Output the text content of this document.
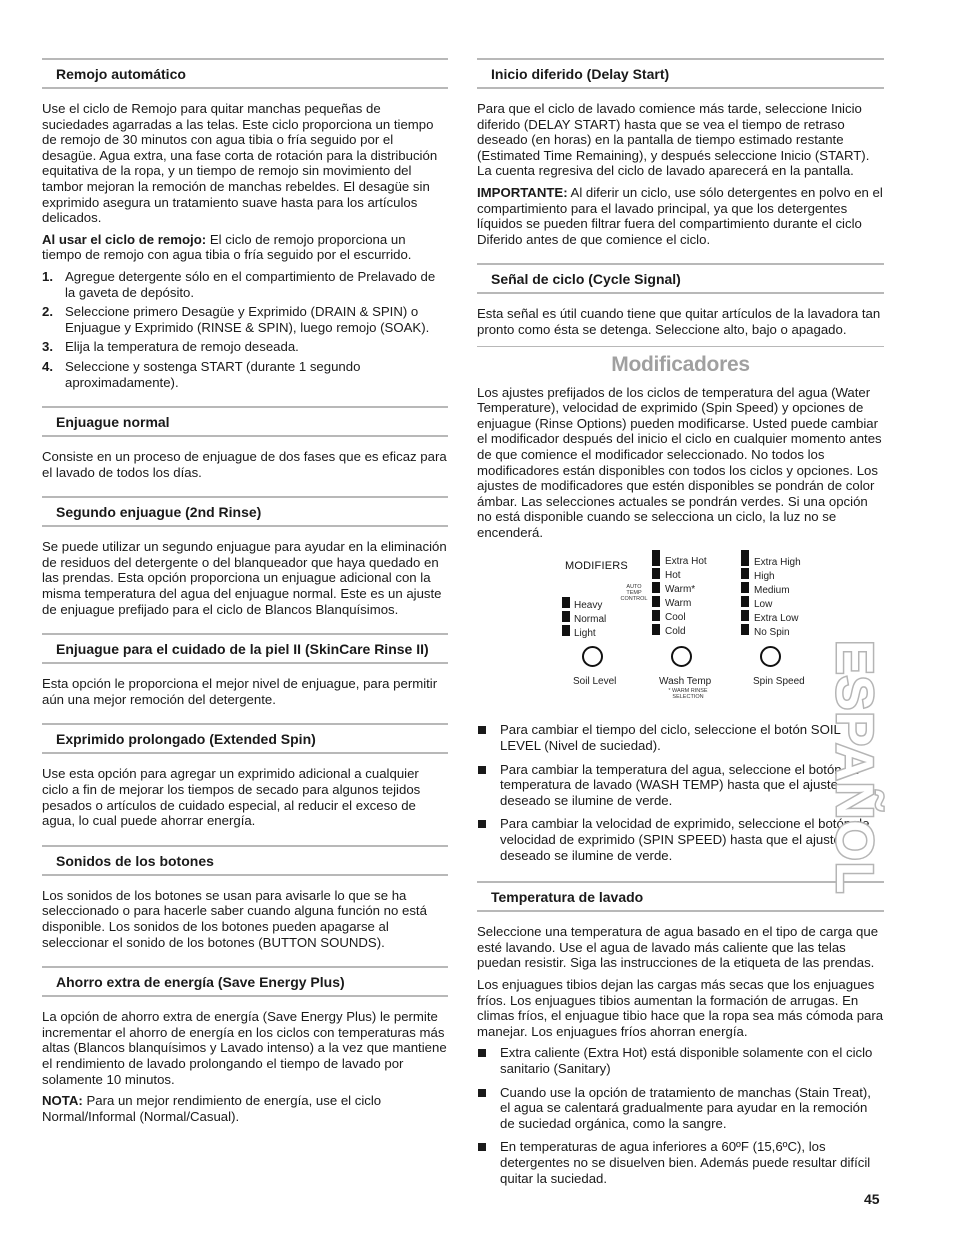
Remojo automático

Use el ciclo de Remojo para quitar manchas pequeñas de suciedades agarradas a las telas. Este ciclo proporciona un tiempo de remojo de 30 minutos con agua tibia o fría seguido por el desagüe. Agua extra, una fase corta de rotación para la distribución equitativa de la ropa, y un tiempo de remojo sin movimiento del tambor mejoran la remoción de manchas rebeldes. El desagüe sin exprimido asegura un tratamiento suave hasta para los artículos delicados.

Al usar el ciclo de remojo: El ciclo de remojo proporciona un tiempo de remojo con agua tibia o fría seguido por el escurrido.

1. Agregue detergente sólo en el compartimiento de Prelavado de la gaveta de depósito.
2. Seleccione primero Desagüe y Exprimido (DRAIN & SPIN) o Enjuague y Exprimido (RINSE & SPIN), luego remojo (SOAK).
3. Elija la temperatura de remojo deseada.
4. Seleccione y sostenga START (durante 1 segundo aproximadamente).
Enjuague normal

Consiste en un proceso de enjuague de dos fases que es eficaz para el lavado de todos los días.

Segundo enjuague (2nd Rinse)

Se puede utilizar un segundo enjuague para ayudar en la eliminación de residuos del detergente o del blanqueador que haya quedado en las prendas. Esta opción proporciona un enjuague adicional con la misma temperatura del agua del enjuague normal. Este es un ajuste de enjuague prefijado para el ciclo de Blancos Blanquísimos.

Enjuague para el cuidado de la piel II (SkinCare Rinse II)

Esta opción le proporciona el mejor nivel de enjuague, para permitir aún una mejor remoción del detergente.

Exprimido prolongado (Extended Spin)

Use esta opción para agregar un exprimido adicional a cualquier ciclo a fin de mejorar los tiempos de secado para algunos tejidos pesados o artículos de cuidado especial, al reducir el exceso de agua, lo cual puede ahorrar energía.

Sonidos de los botones

Los sonidos de los botones se usan para avisarle lo que se ha seleccionado o para hacerle saber cuando alguna función no está disponible. Los sonidos de los botones pueden apagarse al seleccionar el sonido de los botones (BUTTON SOUNDS).

Ahorro extra de energía (Save Energy Plus)

La opción de ahorro extra de energía (Save Energy Plus) le permite incrementar el ahorro de energía en los ciclos con temperaturas más altas (Blancos blanquísimos y Lavado intenso) a la vez que mantiene el rendimiento de lavado prolongando el tiempo de lavado por solamente 10 minutos.

NOTA: Para un mejor rendimiento de energía, use el ciclo Normal/Informal (Normal/Casual).

Inicio diferido (Delay Start)

Para que el ciclo de lavado comience más tarde, seleccione Inicio diferido (DELAY START) hasta que se vea el tiempo de retraso deseado (en horas) en la pantalla de tiempo estimado restante (Estimated Time Remaining), y después seleccione Inicio (START). La cuenta regresiva del ciclo de lavado aparecerá en la pantalla.

IMPORTANTE: Al diferir un ciclo, use sólo detergentes en polvo en el compartimiento para el lavado principal, ya que los detergentes líquidos se pueden filtrar fuera del compartimiento durante el ciclo Diferido antes de que comience el ciclo.

Señal de ciclo (Cycle Signal)

Esta señal es útil cuando tiene que quitar artículos de la lavadora tan pronto como ésta se detenga. Seleccione alto, bajo o apagado.

Modificadores

Los ajustes prefijados de los ciclos de temperatura del agua (Water Temperature), velocidad de exprimido (Spin Speed) y opciones de enjuague (Rinse Options) pueden modificarse. Usted puede cambiar el modificador después del inicio el ciclo en cualquier momento antes de que comience el modificador seleccionado. No todos los modificadores están disponibles con todos los ciclos y opciones. Los ajustes de modificadores que estén disponibles se pondrán de color ámbar. Las selecciones actuales se pondrán verdes. Si una opción no está disponible cuando se selecciona un ciclo, la luz no se encenderá.

MODIFIERS
AUTO TEMP CONTROL
Heavy
Normal
Light
Extra Hot
Hot
Warm*
Warm
Cool
Cold
Extra High
High
Medium
Low
Extra Low
No Spin
Soil Level	Wash Temp
* WARM RINSE SELECTION
Spin Speed
Para cambiar el tiempo del ciclo, seleccione el botón SOIL LEVEL (Nivel de suciedad).
Para cambiar la temperatura del agua, seleccione el botón de temperatura de lavado (WASH TEMP) hasta que el ajuste deseado se ilumine de verde.
Para cambiar la velocidad de exprimido, seleccione el botón de velocidad de exprimido (SPIN SPEED) hasta que el ajuste deseado se ilumine de verde.
Temperatura de lavado

Seleccione una temperatura de agua basado en el tipo de carga que esté lavando. Use el agua de lavado más caliente que las telas puedan resistir. Siga las instrucciones de la etiqueta de las prendas.

Los enjuagues tibios dejan las cargas más secas que los enjuagues fríos. Los enjuagues tibios aumentan la formación de arrugas. En climas fríos, el enjuague tibio hace que la ropa sea más cómoda para manejar. Los enjuagues fríos ahorran energía.

Extra caliente (Extra Hot) está disponible solamente con el ciclo sanitario (Sanitary)
Cuando use la opción de tratamiento de manchas (Stain Treat), el agua se calentará gradualmente para ayudar en la remoción de suciedad orgánica, como la sangre.
En temperaturas de agua inferiores a 60ºF (15,6ºC), los detergentes no se disuelven bien. Además puede resultar difícil quitar la suciedad.
ESPAÑOL
45
